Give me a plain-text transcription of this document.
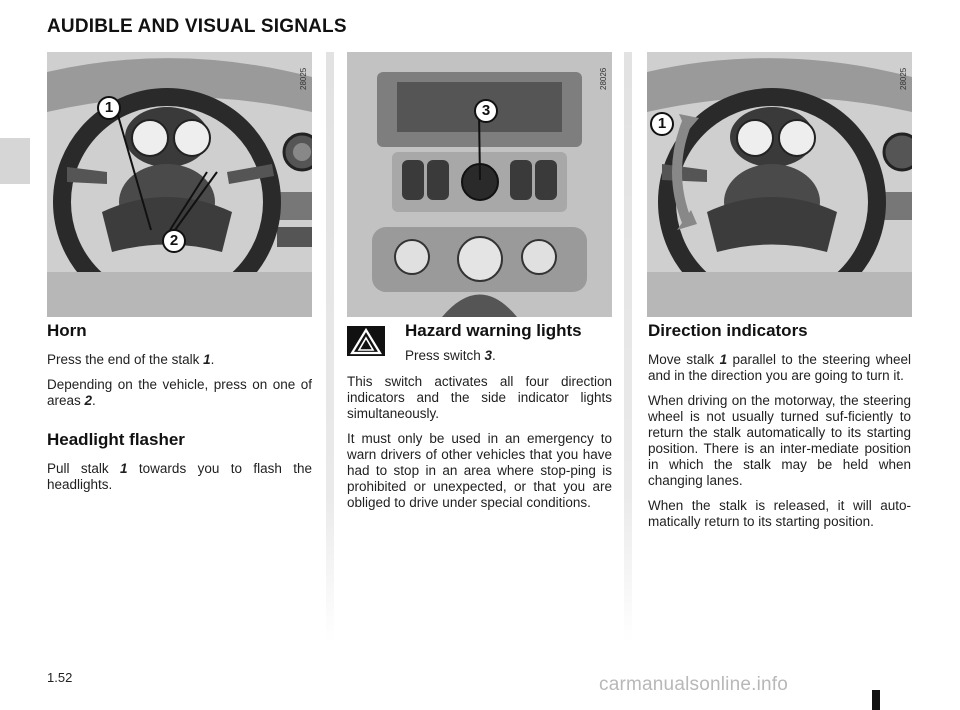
AUDIBLE AND VISUAL SIGNALS
28025
1
2
28026
3
28025
1
Horn

Press the end of the stalk 1.

Depending on the vehicle, press on one of areas 2.

Headlight flasher

Pull stalk 1 towards you to flash the headlights.

Hazard warning lights

Press switch 3.

This switch activates all four direction indicators and the side indicator lights simultaneously.

It must only be used in an emergency to warn drivers of other vehicles that you have had to stop in an area where stop-ping is prohibited or unexpected, or that you are obliged to drive under special conditions.

Direction indicators

Move stalk 1 parallel to the steering wheel and in the direction you are going to turn it.

When driving on the motorway, the steering wheel is not usually turned suf-ficiently to return the stalk automatically to its starting position. There is an inter-mediate position in which the stalk may be held when changing lanes.

When the stalk is released, it will auto-matically return to its starting position.

1.52	carmanualsonline.info
